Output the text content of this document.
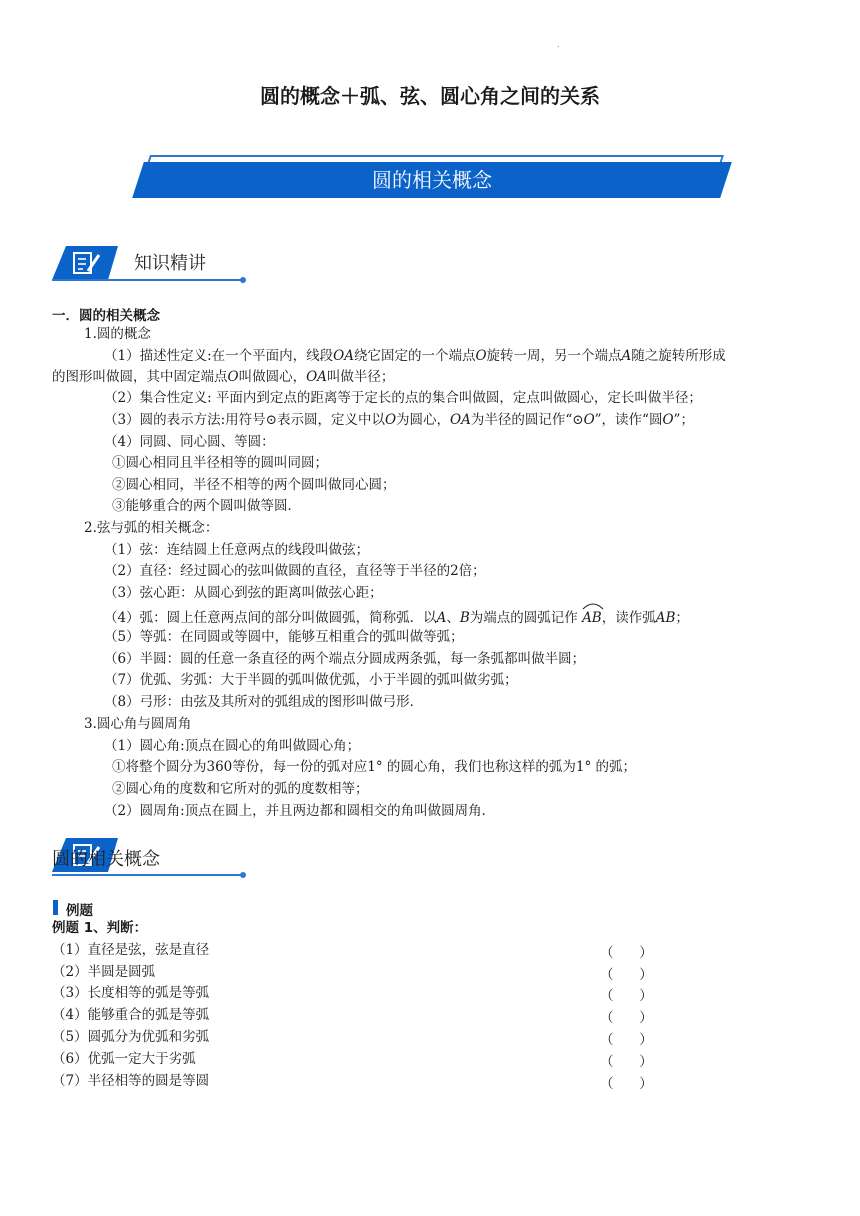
.
圆的概念＋弧、弦、圆心角之间的关系
圆的相关概念
知识精讲
一．圆的相关概念
1.圆的概念
（1）描述性定义:在一个平面内，线段OA绕它固定的一个端点O旋转一周，另一个端点A随之旋转所形成
的图形叫做圆，其中固定端点O叫做圆心，OA叫做半径；
（2）集合性定义: 平面内到定点的距离等于定长的点的集合叫做圆，定点叫做圆心，定长叫做半径；
（3）圆的表示方法:用符号⊙表示圆，定义中以O为圆心，OA为半径的圆记作“⊙O”，读作“圆O”；
（4）同圆、同心圆、等圆：
①圆心相同且半径相等的圆叫同圆；
②圆心相同，半径不相等的两个圆叫做同心圆；
③能够重合的两个圆叫做等圆．
2.弦与弧的相关概念：
（1）弦：连结圆上任意两点的线段叫做弦；
（2）直径：经过圆心的弦叫做圆的直径，直径等于半径的2倍；
（3）弦心距：从圆心到弦的距离叫做弦心距；
（4）弧：圆上任意两点间的部分叫做圆弧，简称弧．以A、B为端点的圆弧记作 AB，读作弧AB；
（5）等弧：在同圆或等圆中，能够互相重合的弧叫做等弧；
（6）半圆：圆的任意一条直径的两个端点分圆成两条弧，每一条弧都叫做半圆；
（7）优弧、劣弧：大于半圆的弧叫做优弧，小于半圆的弧叫做劣弧；
（8）弓形：由弦及其所对的弧组成的图形叫做弓形．
3.圆心角与圆周角
（1）圆心角:顶点在圆心的角叫做圆心角；
①将整个圆分为360等份，每一份的弧对应1° 的圆心角，我们也称这样的弧为1° 的弧；
②圆心角的度数和它所对的弧的度数相等；
（2）圆周角:顶点在圆上，并且两边都和圆相交的角叫做圆周角．
圆的相关概念
例题
例题 1、判断：
（1）直径是弦，弦是直径	（      ）
（2）半圆是圆弧	（      ）
（3）长度相等的弧是等弧	（      ）
（4）能够重合的弧是等弧	（      ）
（5）圆弧分为优弧和劣弧	（      ）
（6）优弧一定大于劣弧	（      ）
（7）半径相等的圆是等圆	（      ）
